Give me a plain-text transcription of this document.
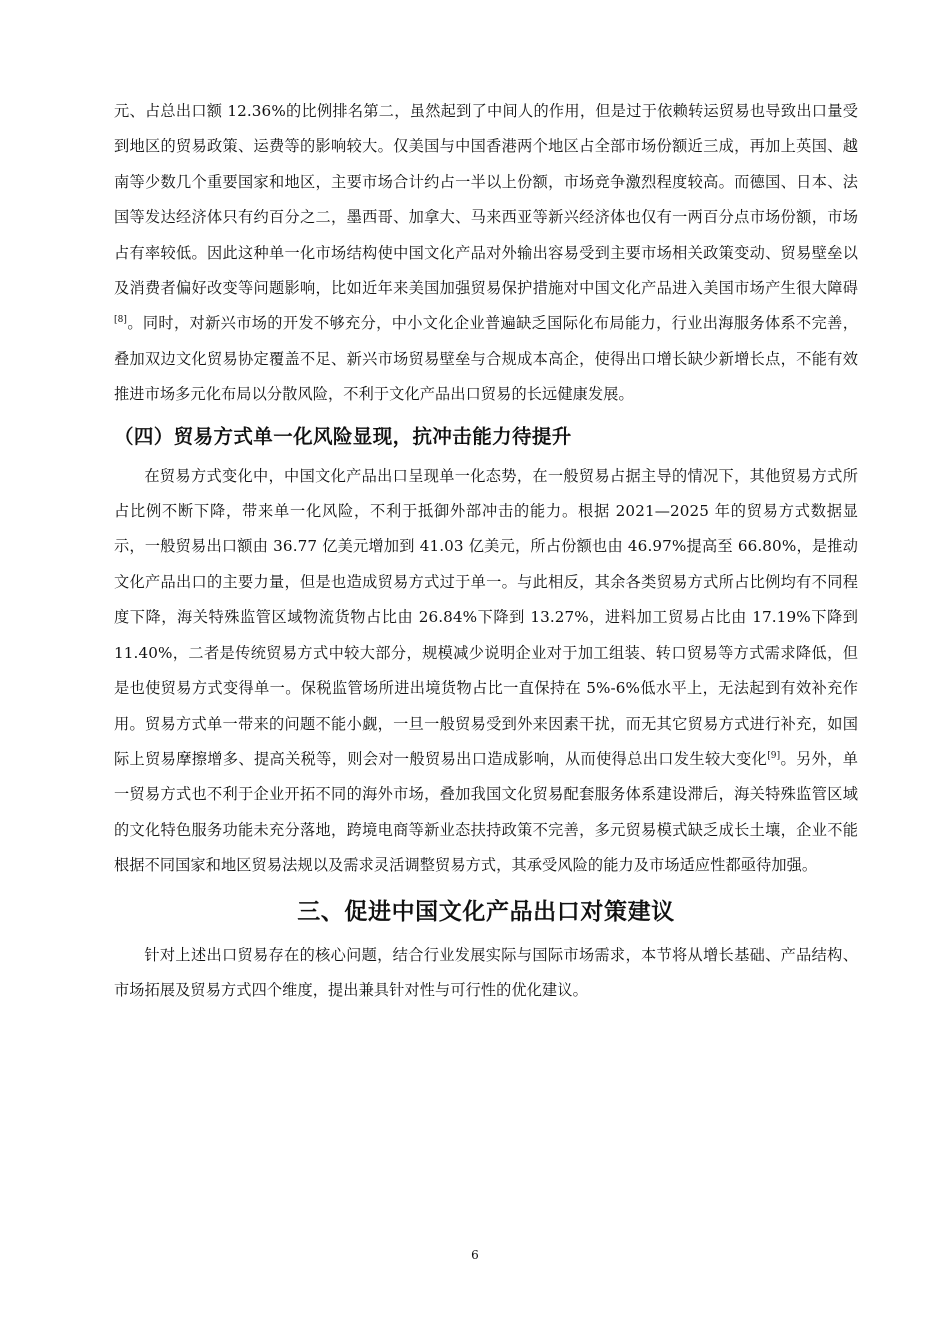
元、占总出口额 12.36%的比例排名第二，虽然起到了中间人的作用，但是过于依赖转运贸易也导致出口量受到地区的贸易政策、运费等的影响较大。仅美国与中国香港两个地区占全部市场份额近三成，再加上英国、越南等少数几个重要国家和地区，主要市场合计约占一半以上份额，市场竞争激烈程度较高。而德国、日本、法国等发达经济体只有约百分之二，墨西哥、加拿大、马来西亚等新兴经济体也仅有一两百分点市场份额，市场占有率较低。因此这种单一化市场结构使中国文化产品对外输出容易受到主要市场相关政策变动、贸易壁垒以及消费者偏好改变等问题影响，比如近年来美国加强贸易保护措施对中国文化产品进入美国市场产生很大障碍[8]。同时，对新兴市场的开发不够充分，中小文化企业普遍缺乏国际化布局能力，行业出海服务体系不完善，叠加双边文化贸易协定覆盖不足、新兴市场贸易壁垒与合规成本高企，使得出口增长缺少新增长点，不能有效推进市场多元化布局以分散风险，不利于文化产品出口贸易的长远健康发展。

（四）贸易方式单一化风险显现，抗冲击能力待提升

在贸易方式变化中，中国文化产品出口呈现单一化态势，在一般贸易占据主导的情况下，其他贸易方式所占比例不断下降，带来单一化风险，不利于抵御外部冲击的能力。根据 2021—2025 年的贸易方式数据显示，一般贸易出口额由 36.77 亿美元增加到 41.03 亿美元，所占份额也由 46.97%提高至 66.80%，是推动文化产品出口的主要力量，但是也造成贸易方式过于单一。与此相反，其余各类贸易方式所占比例均有不同程度下降，海关特殊监管区域物流货物占比由 26.84%下降到 13.27%，进料加工贸易占比由 17.19%下降到 11.40%，二者是传统贸易方式中较大部分，规模减少说明企业对于加工组装、转口贸易等方式需求降低，但是也使贸易方式变得单一。保税监管场所进出境货物占比一直保持在 5%-6%低水平上，无法起到有效补充作用。贸易方式单一带来的问题不能小觑，一旦一般贸易受到外来因素干扰，而无其它贸易方式进行补充，如国际上贸易摩擦增多、提高关税等，则会对一般贸易出口造成影响，从而使得总出口发生较大变化[9]。另外，单一贸易方式也不利于企业开拓不同的海外市场，叠加我国文化贸易配套服务体系建设滞后，海关特殊监管区域的文化特色服务功能未充分落地，跨境电商等新业态扶持政策不完善，多元贸易模式缺乏成长土壤，企业不能根据不同国家和地区贸易法规以及需求灵活调整贸易方式，其承受风险的能力及市场适应性都亟待加强。

三、促进中国文化产品出口对策建议

针对上述出口贸易存在的核心问题，结合行业发展实际与国际市场需求，本节将从增长基础、产品结构、市场拓展及贸易方式四个维度，提出兼具针对性与可行性的优化建议。

6
